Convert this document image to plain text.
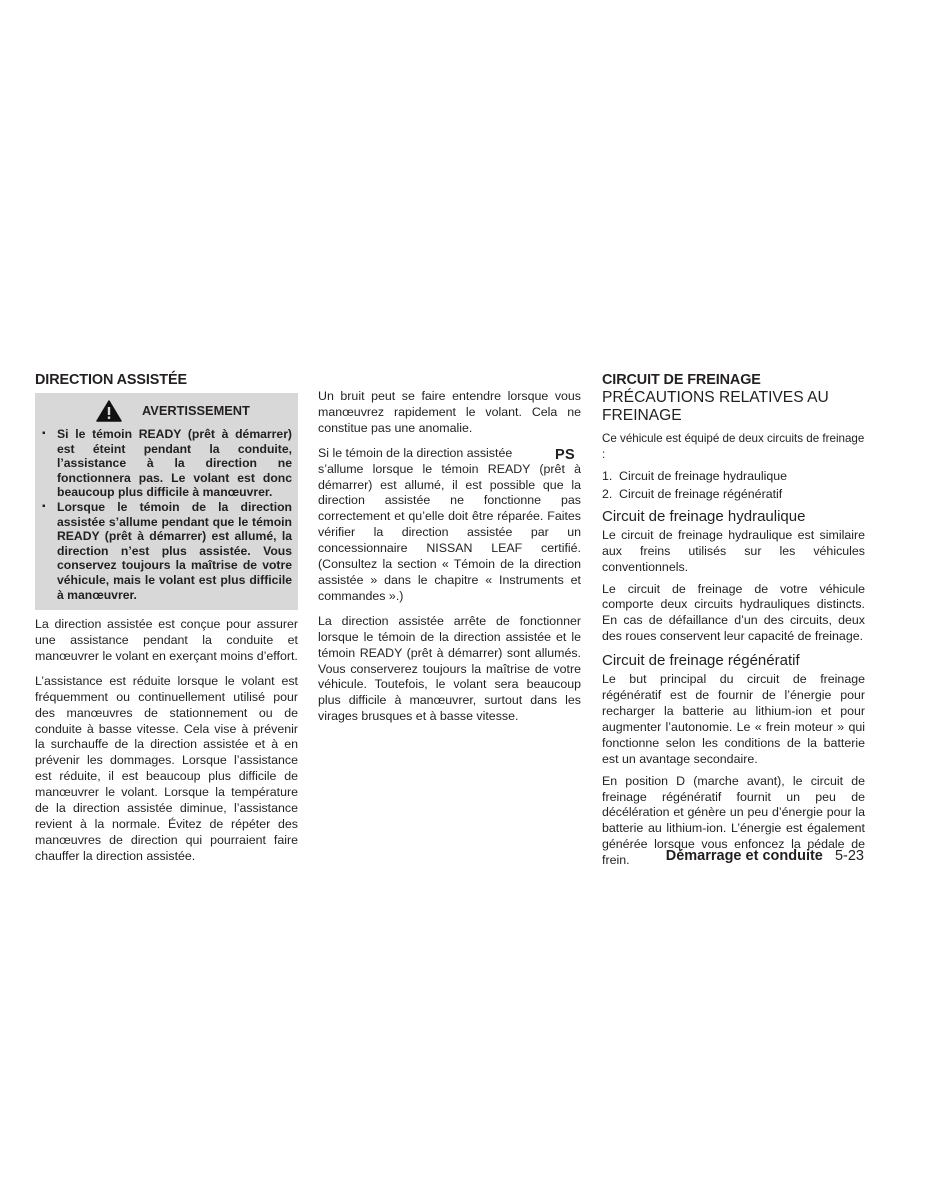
DIRECTION ASSISTÉE
AVERTISSEMENT
▪ Si le témoin READY (prêt à démarrer) est éteint pendant la conduite, l’assistance à la direction ne fonctionnera pas. Le volant est donc beaucoup plus difficile à manœuvrer.
▪ Lorsque le témoin de la direction assistée s’allume pendant que le témoin READY (prêt à démarrer) est allumé, la direction n’est plus assistée. Vous conservez toujours la maîtrise de votre véhicule, mais le volant est plus difficile à manœuvrer.

La direction assistée est conçue pour assurer une assistance pendant la conduite et manœuvrer le volant en exerçant moins d’effort.

L’assistance est réduite lorsque le volant est fréquemment ou continuellement utilisé pour des manœuvres de stationnement ou de conduite à basse vitesse. Cela vise à prévenir la surchauffe de la direction assistée et à en prévenir les dommages. Lorsque l’assistance est réduite, il est beaucoup plus difficile de manœuvrer le volant. Lorsque la température de la direction assistée diminue, l’assistance revient à la normale. Évitez de répéter des manœuvres de direction qui pourraient faire chauffer la direction assistée.

Un bruit peut se faire entendre lorsque vous manœuvrez rapidement le volant. Cela ne constitue pas une anomalie.

Si le témoin de la direction assistée	PS

s’allume lorsque le témoin READY (prêt à démarrer) est allumé, il est possible que la direction assistée ne fonctionne pas correctement et qu’elle doit être réparée. Faites vérifier la direction assistée par un concessionnaire NISSAN LEAF certifié. (Consultez la section « Témoin de la direction assistée » dans le chapitre « Instruments et commandes ».)

La direction assistée arrête de fonctionner lorsque le témoin de la direction assistée et le témoin READY (prêt à démarrer) sont allumés. Vous conserverez toujours la maîtrise de votre véhicule. Toutefois, le volant sera beaucoup plus difficile à manœuvrer, surtout dans les virages brusques et à basse vitesse.

CIRCUIT DE FREINAGE
PRÉCAUTIONS RELATIVES AU FREINAGE

Ce véhicule est équipé de deux circuits de freinage :

1. Circuit de freinage hydraulique
2. Circuit de freinage régénératif
Circuit de freinage hydraulique

Le circuit de freinage hydraulique est similaire aux freins utilisés sur les véhicules conventionnels.

Le circuit de freinage de votre véhicule comporte deux circuits hydrauliques distincts. En cas de défaillance d’un des circuits, deux des roues conservent leur capacité de freinage.

Circuit de freinage régénératif

Le but principal du circuit de freinage régénératif est de fournir de l’énergie pour recharger la batterie au lithium-ion et pour augmenter l’autonomie. Le « frein moteur » qui fonctionne selon les conditions de la batterie est un avantage secondaire.

En position D (marche avant), le circuit de freinage régénératif fournit un peu de décélération et génère un peu d’énergie pour la batterie au lithium-ion. L’énergie est également générée lorsque vous enfoncez la pédale de frein.	Démarrage et conduite 5-23
